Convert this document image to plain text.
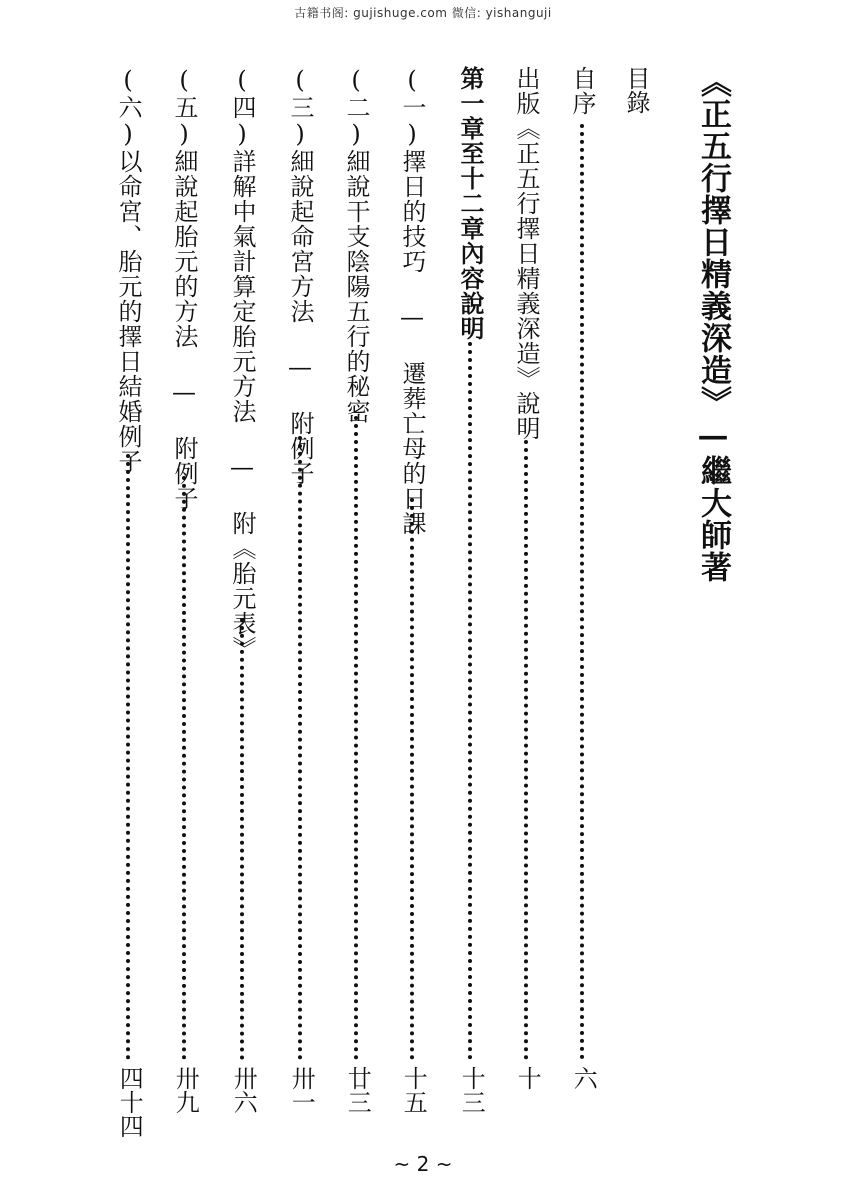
古籍书阁: gujishuge.com 微信: yishanguji
《正五行擇日精義深造》—繼大師著
目錄
自序
六
出版《正五行擇日精義深造》說明
十
第一章至十二章內容說明
十三
(一)擇日的技巧 — 遷葬亡母的日課
十五
(二)細說干支陰陽五行的秘密
廿三
(三)細說起命宮方法 — 附例子
卅一
(四)詳解中氣計算定胎元方法 — 附《胎元表》
卅六
(五)細說起胎元的方法 — 附例子
卅九
(六)以命宮、胎元的擇日結婚例子
四十四
~ 2 ~
